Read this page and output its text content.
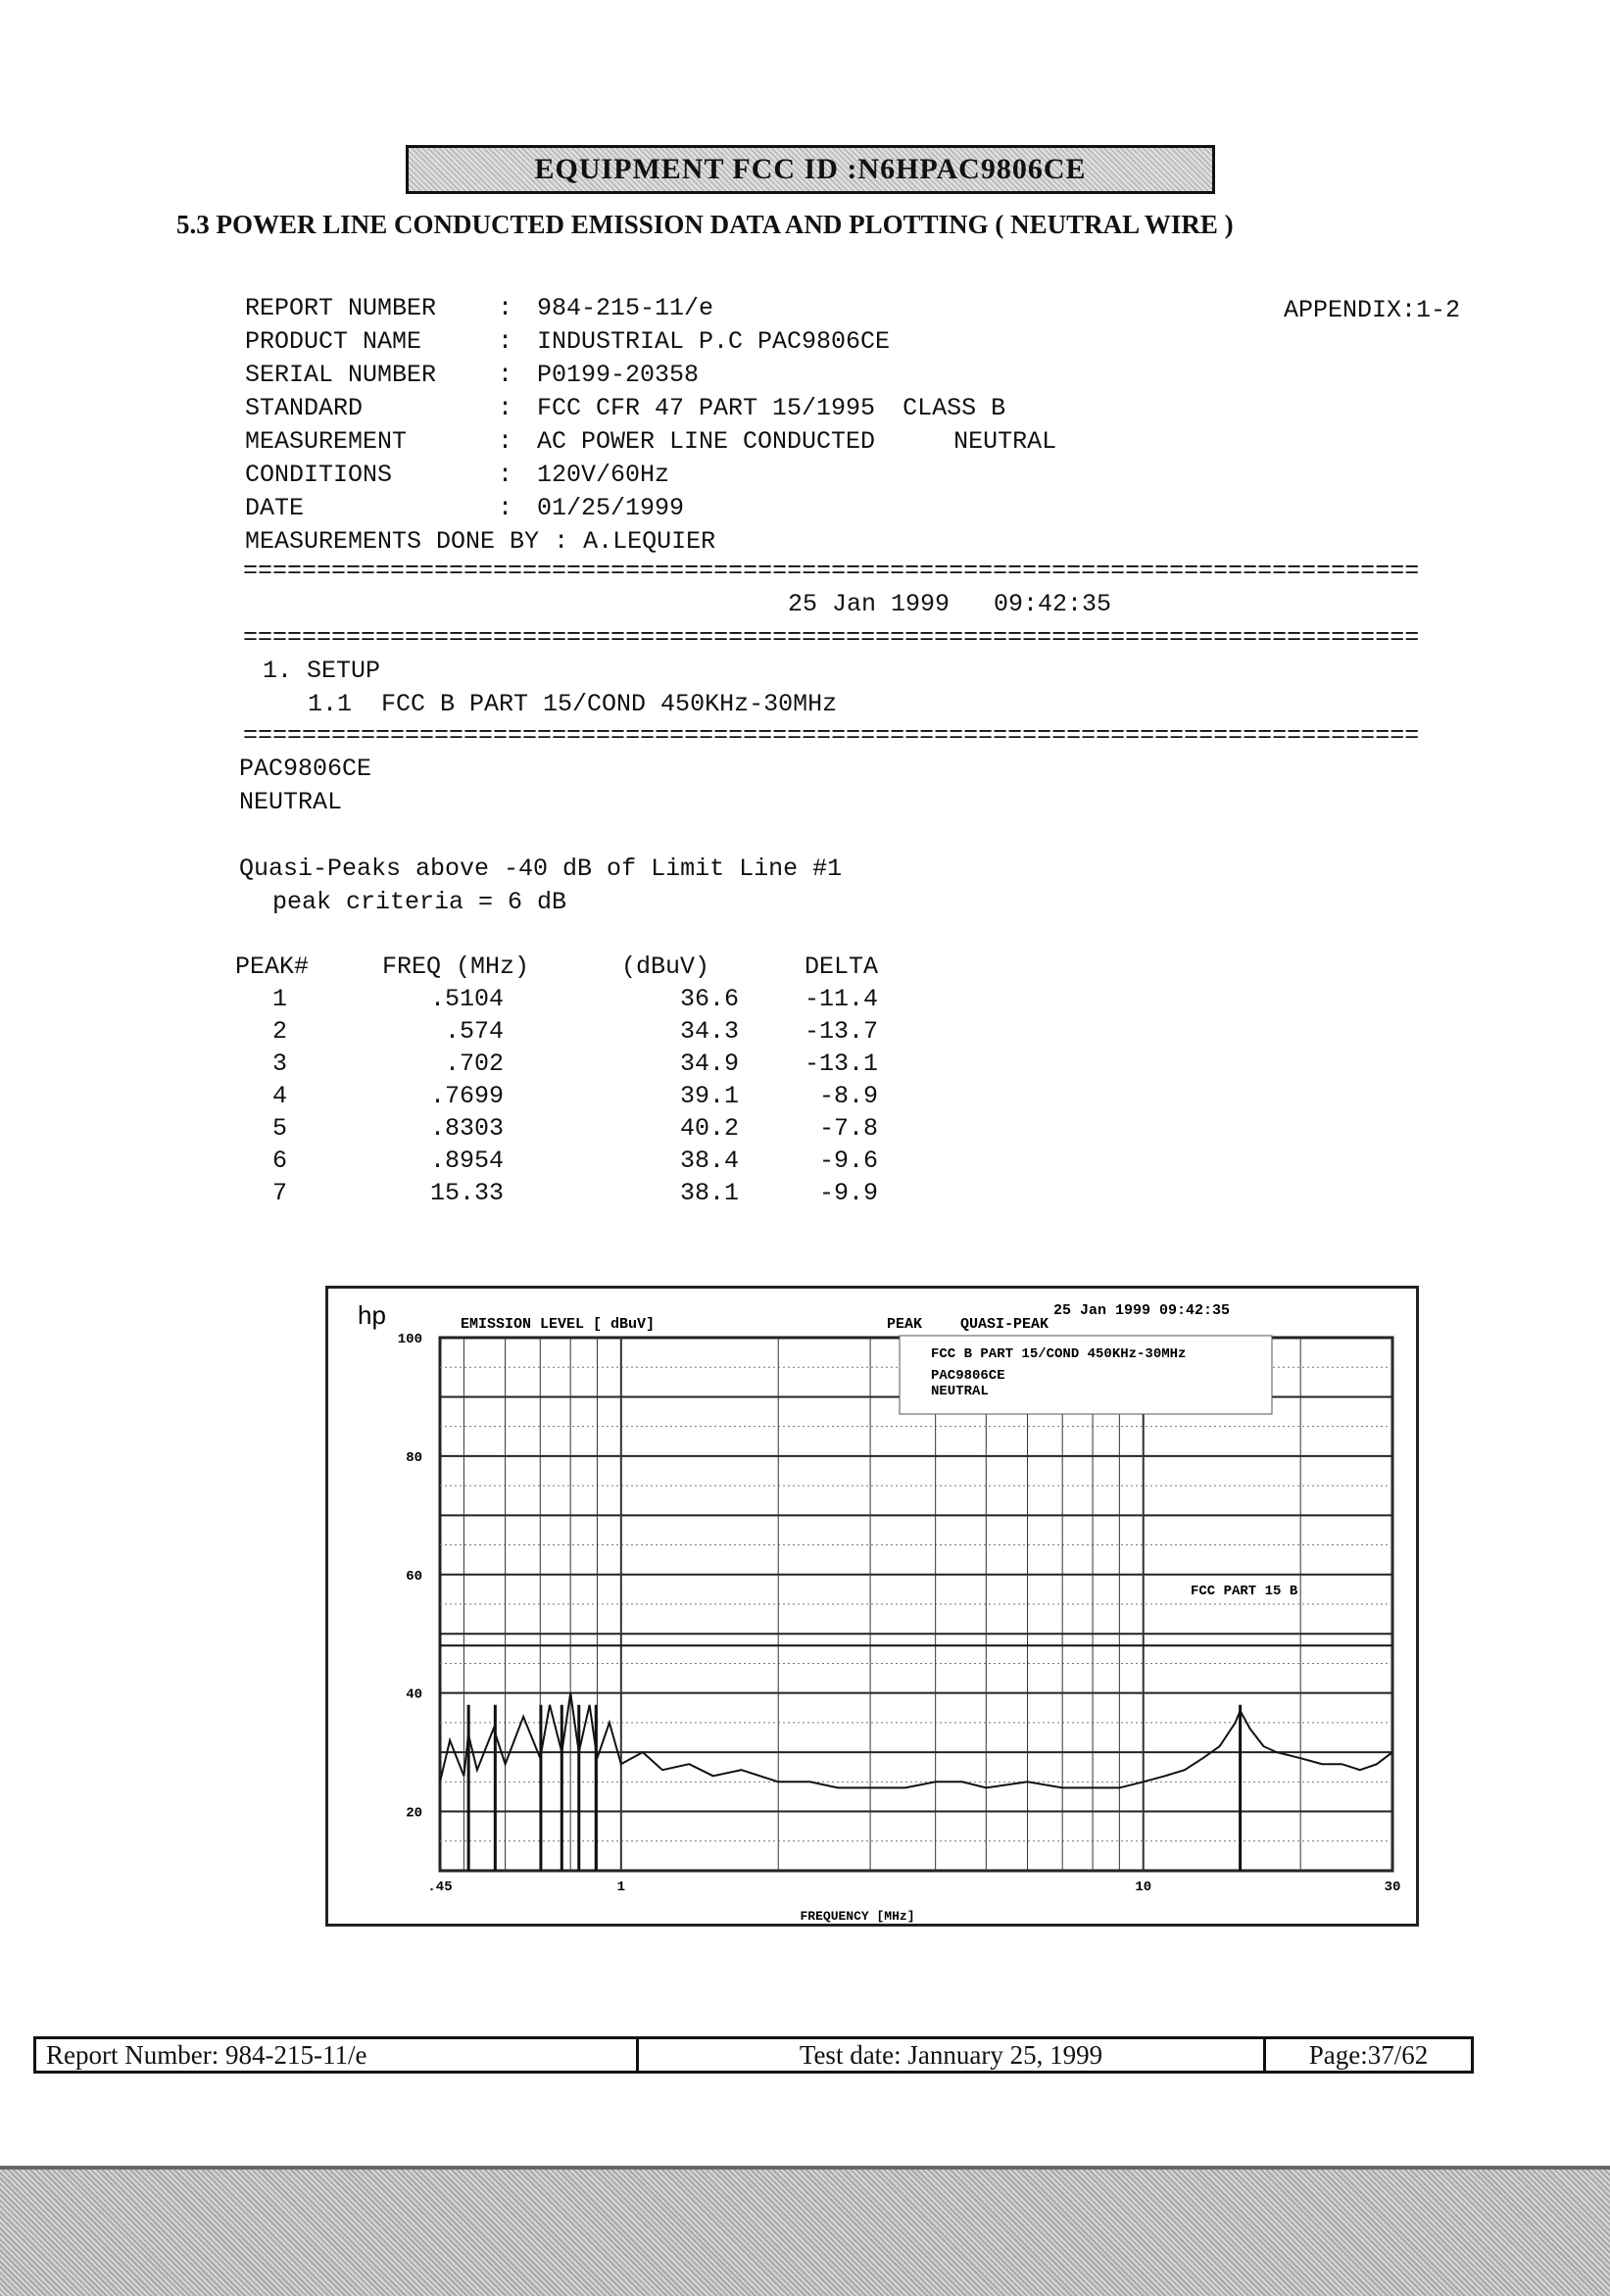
EQUIPMENT FCC ID :N6HPAC9806CE
5.3 POWER LINE CONDUCTED EMISSION DATA AND PLOTTING ( NEUTRAL WIRE )
APPENDIX:1-2
REPORT NUMBER	: 984-215-11/e
PRODUCT NAME	: INDUSTRIAL P.C PAC9806CE
SERIAL NUMBER	: P0199-20358
STANDARD	: FCC CFR 47 PART 15/1995 CLASS B
MEASUREMENT	: AC POWER LINE CONDUCTED	NEUTRAL
CONDITIONS	: 120V/60Hz
DATE	: 01/25/1999
MEASUREMENTS DONE BY : A.LEQUIER
================================================================================
25 Jan 1999   09:42:35
================================================================================
1. SETUP
1.1  FCC B PART 15/COND 450KHz-30MHz
================================================================================
PAC9806CE
NEUTRAL
Quasi-Peaks above -40 dB of Limit Line #1
peak criteria = 6 dB
PEAK#	FREQ (MHz)	(dBuV)	DELTA
1	.5104	36.6	-11.4
2	.574	34.3	-13.7
3	.702	34.9	-13.1
4	.7699	39.1	-8.9
5	.8303	40.2	-7.8
6	.8954	38.4	-9.6
7	15.33	38.1	-9.9
hp	EMISSION LEVEL [ dBuV]	PEAK	QUASI-PEAK
25 Jan 1999 09:42:35
100
80
60
40
20
.45	1	10	30
FCC B PART 15/COND 450KHz-30MHz
PAC9806CE
NEUTRAL
FCC PART 15 B
FREQUENCY [MHz]
Report Number: 984-215-11/e	Test date: Jannuary 25, 1999	Page:37/62
